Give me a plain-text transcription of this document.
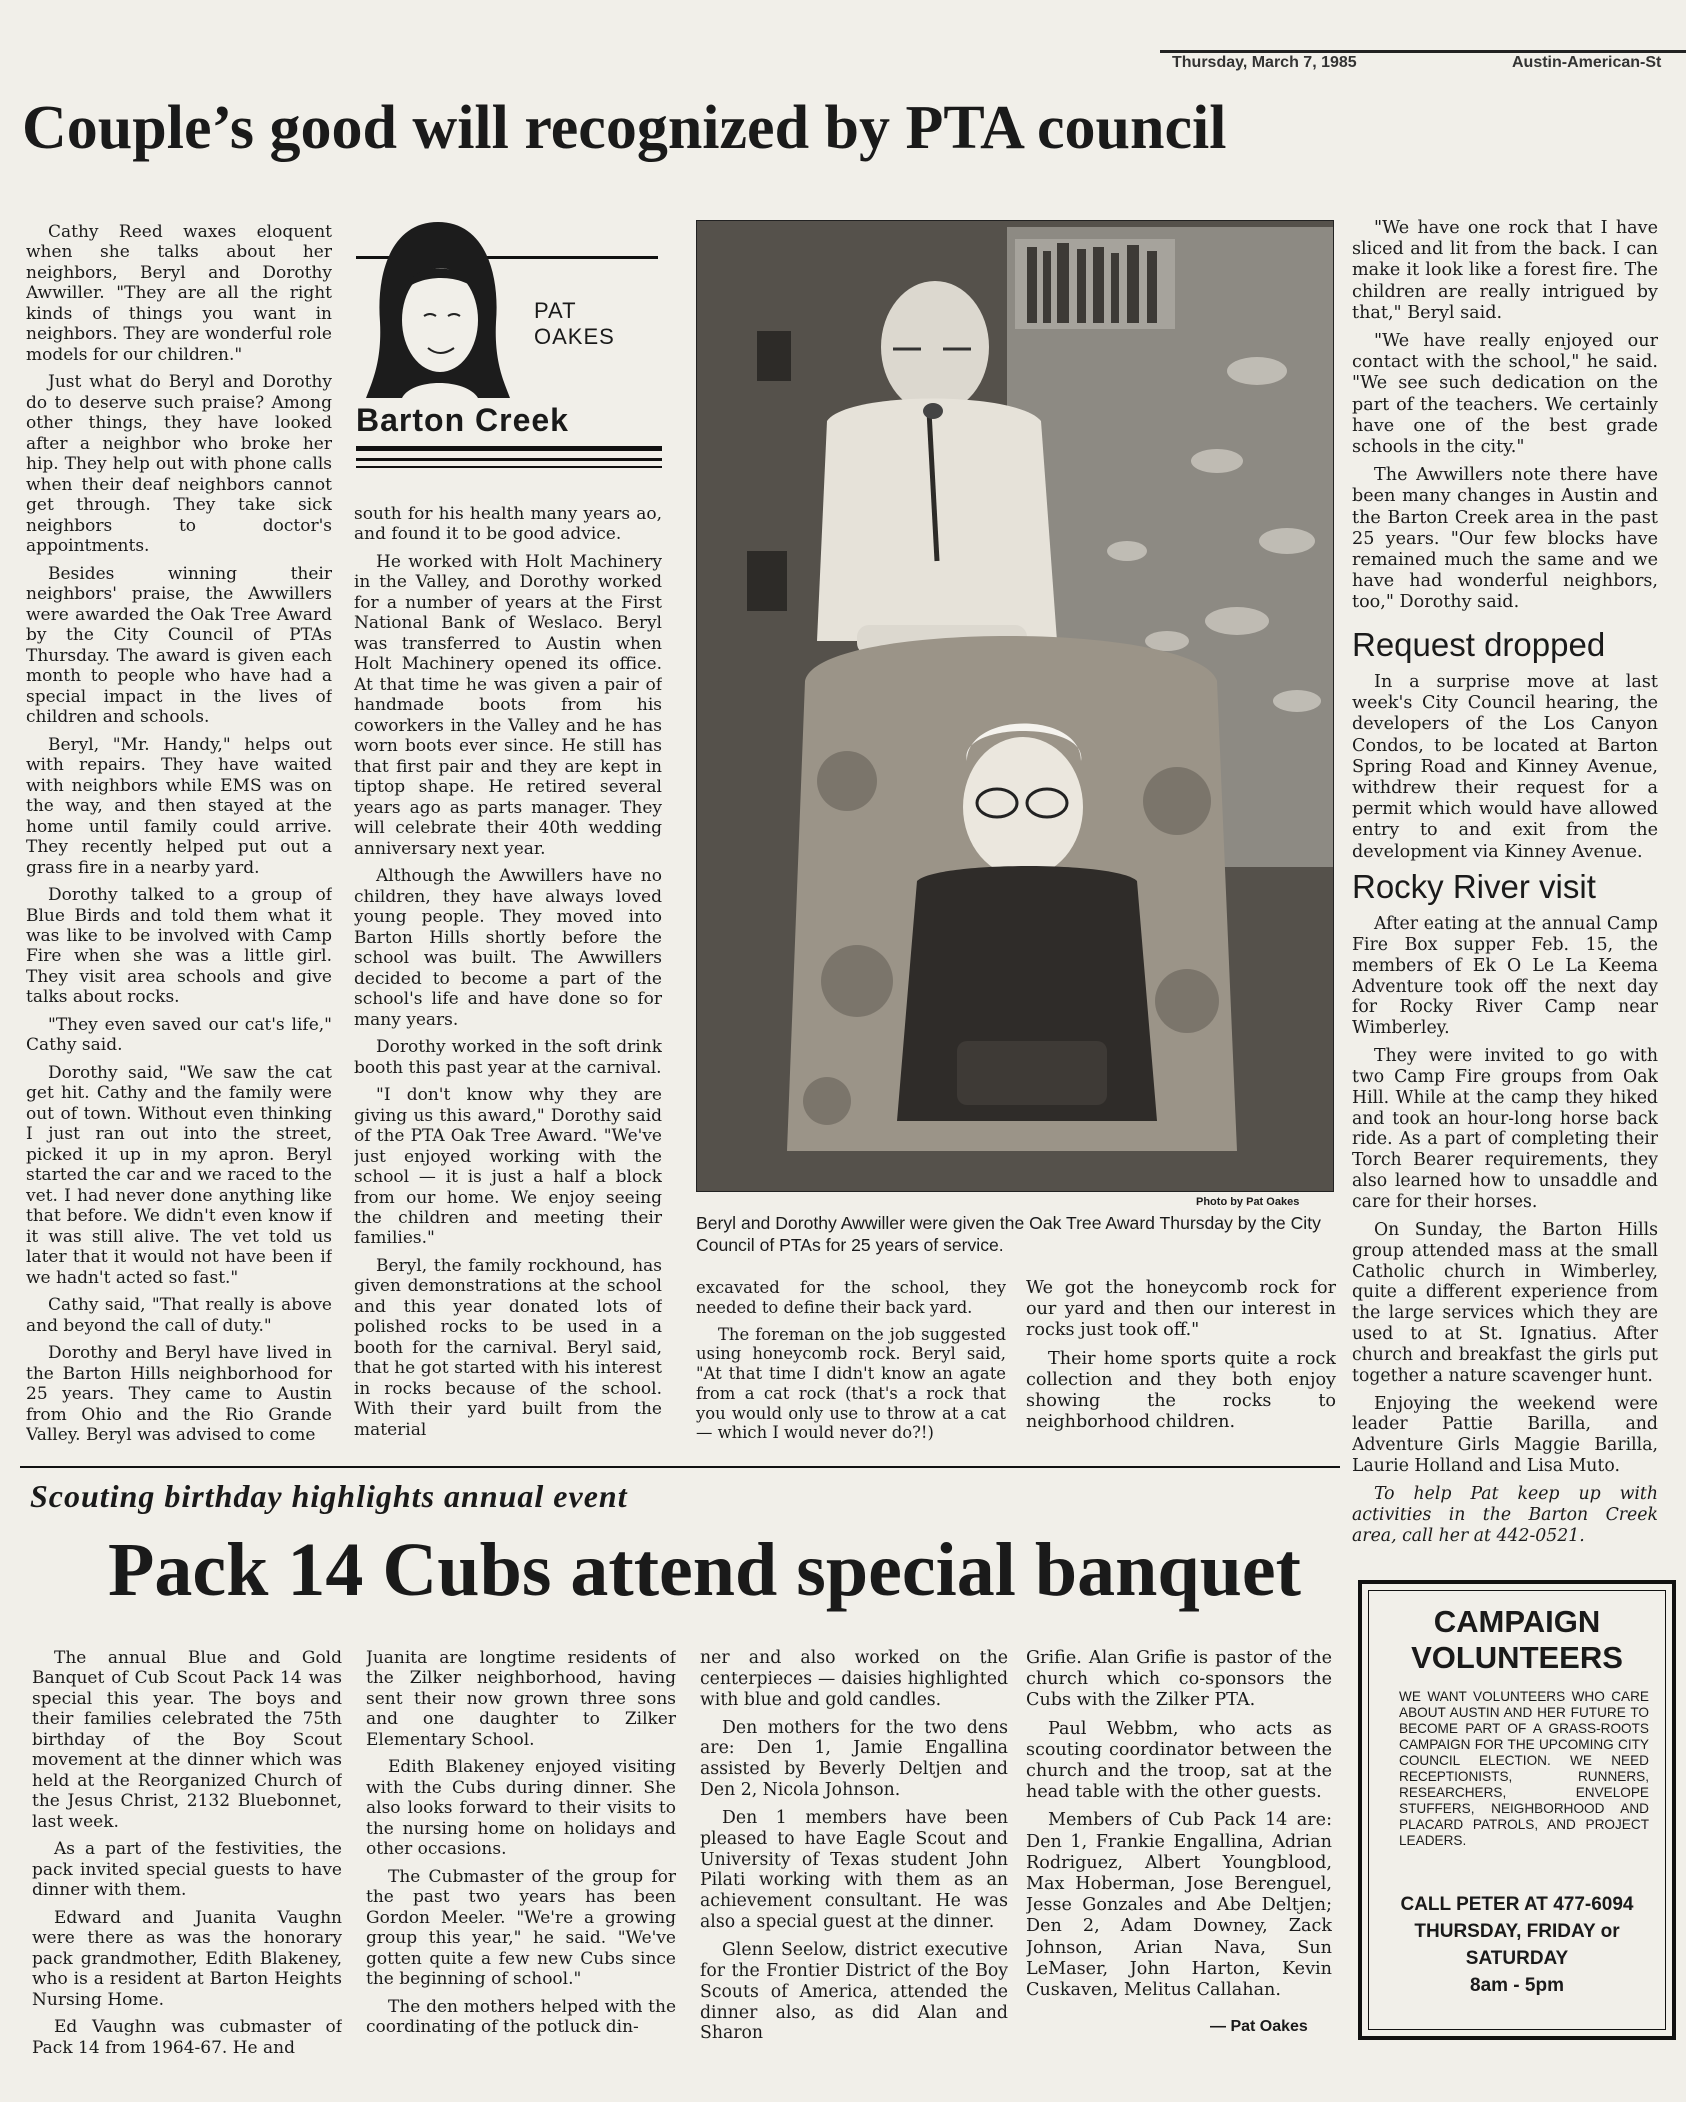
Thursday, March 7, 1985	Austin-American-St
Couple’s good will recognized by PTA council
PAT
OAKES
Barton Creek

Cathy Reed waxes eloquent when she talks about her neighbors, Beryl and Dorothy Awwiller. "They are all the right kinds of things you want in neighbors. They are wonderful role models for our children."

Just what do Beryl and Dorothy do to deserve such praise? Among other things, they have looked after a neighbor who broke her hip. They help out with phone calls when their deaf neighbors cannot get through. They take sick neighbors to doctor's appointments.

Besides winning their neighbors' praise, the Awwillers were awarded the Oak Tree Award by the City Council of PTAs Thursday. The award is given each month to people who have had a special impact in the lives of children and schools.

Beryl, "Mr. Handy," helps out with repairs. They have waited with neighbors while EMS was on the way, and then stayed at the home until family could arrive. They recently helped put out a grass fire in a nearby yard.

Dorothy talked to a group of Blue Birds and told them what it was like to be involved with Camp Fire when she was a little girl. They visit area schools and give talks about rocks.

"They even saved our cat's life," Cathy said.

Dorothy said, "We saw the cat get hit. Cathy and the family were out of town. Without even thinking I just ran out into the street, picked it up in my apron. Beryl started the car and we raced to the vet. I had never done anything like that before. We didn't even know if it was still alive. The vet told us later that it would not have been if we hadn't acted so fast."

Cathy said, "That really is above and beyond the call of duty."

Dorothy and Beryl have lived in the Barton Hills neighborhood for 25 years. They came to Austin from Ohio and the Rio Grande Valley. Beryl was advised to come

south for his health many years ao, and found it to be good advice.

He worked with Holt Machinery in the Valley, and Dorothy worked for a number of years at the First National Bank of Weslaco. Beryl was transferred to Austin when Holt Machinery opened its office. At that time he was given a pair of handmade boots from his coworkers in the Valley and he has worn boots ever since. He still has that first pair and they are kept in tiptop shape. He retired several years ago as parts manager. They will celebrate their 40th wedding anniversary next year.

Although the Awwillers have no children, they have always loved young people. They moved into Barton Hills shortly before the school was built. The Awwillers decided to become a part of the school's life and have done so for many years.

Dorothy worked in the soft drink booth this past year at the carnival.

"I don't know why they are giving us this award," Dorothy said of the PTA Oak Tree Award. "We've just enjoyed working with the school — it is just a half a block from our home. We enjoy seeing the children and meeting their families."

Beryl, the family rockhound, has given demonstrations at the school and this year donated lots of polished rocks to be used in a booth for the carnival. Beryl said, that he got started with his interest in rocks because of the school. With their yard built from the material

Photo by Pat Oakes
Beryl and Dorothy Awwiller were given the Oak Tree Award Thursday by the City Council of PTAs for 25 years of service.

excavated for the school, they needed to define their back yard.

The foreman on the job suggested using honeycomb rock. Beryl said, "At that time I didn't know an agate from a cat rock (that's a rock that you would only use to throw at a cat — which I would never do?!)

We got the honeycomb rock for our yard and then our interest in rocks just took off."

Their home sports quite a rock collection and they both enjoy showing the rocks to neighborhood children.

"We have one rock that I have sliced and lit from the back. I can make it look like a forest fire. The children are really intrigued by that," Beryl said.

"We have really enjoyed our contact with the school," he said. "We see such dedication on the part of the teachers. We certainly have one of the best grade schools in the city."

The Awwillers note there have been many changes in Austin and the Barton Creek area in the past 25 years. "Our few blocks have remained much the same and we have had wonderful neighbors, too," Dorothy said.

Request dropped

In a surprise move at last week's City Council hearing, the developers of the Los Canyon Condos, to be located at Barton Spring Road and Kinney Avenue, withdrew their request for a permit which would have allowed entry to and exit from the development via Kinney Avenue.

Rocky River visit

After eating at the annual Camp Fire Box supper Feb. 15, the members of Ek O Le La Keema Adventure took off the next day for Rocky River Camp near Wimberley.

They were invited to go with two Camp Fire groups from Oak Hill. While at the camp they hiked and took an hour-long horse back ride. As a part of completing their Torch Bearer requirements, they also learned how to unsaddle and care for their horses.

On Sunday, the Barton Hills group attended mass at the small Catholic church in Wimberley, quite a different experience from the large services which they are used to at St. Ignatius. After church and breakfast the girls put together a nature scavenger hunt.

Enjoying the weekend were leader Pattie Barilla, and Adventure Girls Maggie Barilla, Laurie Holland and Lisa Muto.

To help Pat keep up with activities in the Barton Creek area, call her at 442-0521.

Scouting birthday highlights annual event
Pack 14 Cubs attend special banquet

The annual Blue and Gold Banquet of Cub Scout Pack 14 was special this year. The boys and their families celebrated the 75th birthday of the Boy Scout movement at the dinner which was held at the Reorganized Church of the Jesus Christ, 2132 Bluebonnet, last week.

As a part of the festivities, the pack invited special guests to have dinner with them.

Edward and Juanita Vaughn were there as was the honorary pack grandmother, Edith Blakeney, who is a resident at Barton Heights Nursing Home.

Ed Vaughn was cubmaster of Pack 14 from 1964-67. He and

Juanita are longtime residents of the Zilker neighborhood, having sent their now grown three sons and one daughter to Zilker Elementary School.

Edith Blakeney enjoyed visiting with the Cubs during dinner. She also looks forward to their visits to the nursing home on holidays and other occasions.

The Cubmaster of the group for the past two years has been Gordon Meeler. "We're a growing group this year," he said. "We've gotten quite a few new Cubs since the beginning of school."

The den mothers helped with the coordinating of the potluck din-

ner and also worked on the centerpieces — daisies highlighted with blue and gold candles.

Den mothers for the two dens are: Den 1, Jamie Engallina assisted by Beverly Deltjen and Den 2, Nicola Johnson.

Den 1 members have been pleased to have Eagle Scout and University of Texas student John Pilati working with them as an achievement consultant. He was also a special guest at the dinner.

Glenn Seelow, district executive for the Frontier District of the Boy Scouts of America, attended the dinner also, as did Alan and Sharon

Grifie. Alan Grifie is pastor of the church which co-sponsors the Cubs with the Zilker PTA.

Paul Webbm, who acts as scouting coordinator between the church and the troop, sat at the head table with the other guests.

Members of Cub Pack 14 are: Den 1, Frankie Engallina, Adrian Rodriguez, Albert Youngblood, Max Hoberman, Jose Berenguel, Jesse Gonzales and Abe Deltjen; Den 2, Adam Downey, Zack Johnson, Arian Nava, Sun LeMaser, John Harton, Kevin Cuskaven, Melitus Callahan.

— Pat Oakes
CAMPAIGN
VOLUNTEERS
WE WANT VOLUNTEERS WHO CARE ABOUT AUSTIN AND HER FUTURE TO BECOME PART OF A GRASS-ROOTS CAMPAIGN FOR THE UPCOMING CITY COUNCIL ELECTION. WE NEED RECEPTIONISTS, RUNNERS, RESEARCHERS, ENVELOPE STUFFERS, NEIGHBORHOOD AND PLACARD PATROLS, AND PROJECT LEADERS.
CALL PETER AT 477-6094
THURSDAY, FRIDAY or
SATURDAY
8am - 5pm
